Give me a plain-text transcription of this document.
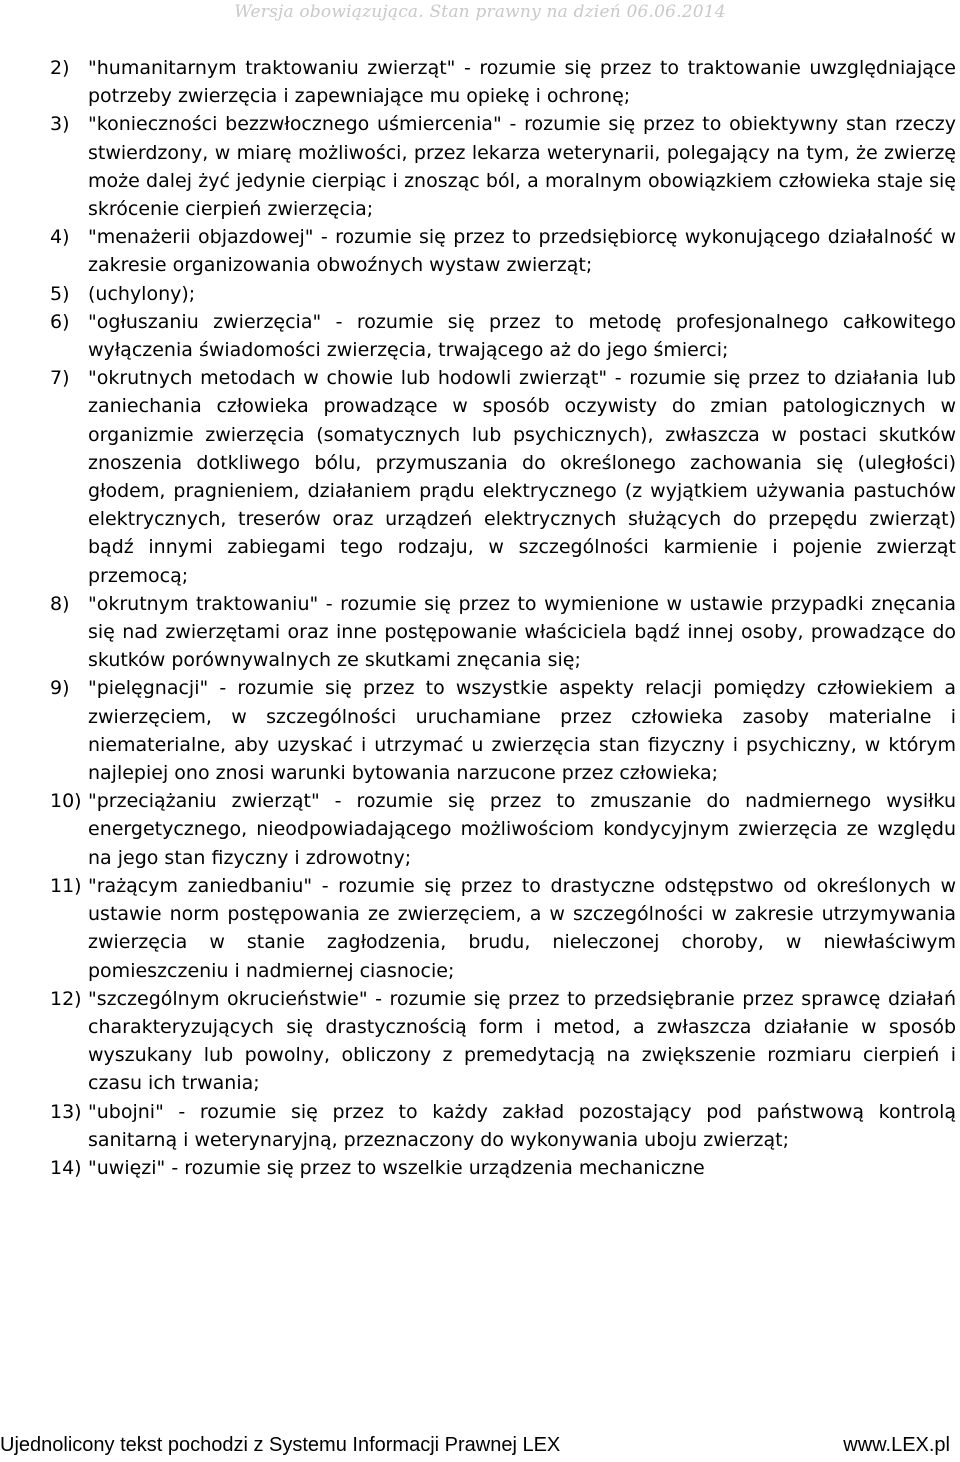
Wersja obowiązująca. Stan prawny na dzień 06.06.2014
2) "humanitarnym traktowaniu zwierząt" - rozumie się przez to traktowanie uwzględniające potrzeby zwierzęcia i zapewniające mu opiekę i ochronę;
3) "konieczności bezzwłocznego uśmiercenia" - rozumie się przez to obiektywny stan rzeczy stwierdzony, w miarę możliwości, przez lekarza weterynarii, polegający na tym, że zwierzę może dalej żyć jedynie cierpiąc i znosząc ból, a moralnym obowiązkiem człowieka staje się skrócenie cierpień zwierzęcia;
4) "menażerii objazdowej" - rozumie się przez to przedsiębiorcę wykonującego działalność w zakresie organizowania obwoźnych wystaw zwierząt;
5) (uchylony);
6) "ogłuszaniu zwierzęcia" - rozumie się przez to metodę profesjonalnego całkowitego wyłączenia świadomości zwierzęcia, trwającego aż do jego śmierci;
7) "okrutnych metodach w chowie lub hodowli zwierząt" - rozumie się przez to działania lub zaniechania człowieka prowadzące w sposób oczywisty do zmian patologicznych w organizmie zwierzęcia (somatycznych lub psychicznych), zwłaszcza w postaci skutków znoszenia dotkliwego bólu, przymuszania do określonego zachowania się (uległości) głodem, pragnieniem, działaniem prądu elektrycznego (z wyjątkiem używania pastuchów elektrycznych, treserów oraz urządzeń elektrycznych służących do przepędu zwierząt) bądź innymi zabiegami tego rodzaju, w szczególności karmienie i pojenie zwierząt przemocą;
8) "okrutnym traktowaniu" - rozumie się przez to wymienione w ustawie przypadki znęcania się nad zwierzętami oraz inne postępowanie właściciela bądź innej osoby, prowadzące do skutków porównywalnych ze skutkami znęcania się;
9) "pielęgnacji" - rozumie się przez to wszystkie aspekty relacji pomiędzy człowiekiem a zwierzęciem, w szczególności uruchamiane przez człowieka zasoby materialne i niematerialne, aby uzyskać i utrzymać u zwierzęcia stan fizyczny i psychiczny, w którym najlepiej ono znosi warunki bytowania narzucone przez człowieka;
10) "przeciążaniu zwierząt" - rozumie się przez to zmuszanie do nadmiernego wysiłku energetycznego, nieodpowiadającego możliwościom kondycyjnym zwierzęcia ze względu na jego stan fizyczny i zdrowotny;
11) "rażącym zaniedbaniu" - rozumie się przez to drastyczne odstępstwo od określonych w ustawie norm postępowania ze zwierzęciem, a w szczególności w zakresie utrzymywania zwierzęcia w stanie zagłodzenia, brudu, nieleczonej choroby, w niewłaściwym pomieszczeniu i nadmiernej ciasnocie;
12) "szczególnym okrucieństwie" - rozumie się przez to przedsiębranie przez sprawcę działań charakteryzujących się drastycznością form i metod, a zwłaszcza działanie w sposób wyszukany lub powolny, obliczony z premedytacją na zwiększenie rozmiaru cierpień i czasu ich trwania;
13) "ubojni" - rozumie się przez to każdy zakład pozostający pod państwową kontrolą sanitarną i weterynaryjną, przeznaczony do wykonywania uboju zwierząt;
14) "uwięzi" - rozumie się przez to wszelkie urządzenia mechaniczne
Ujednolicony tekst pochodzi z Systemu Informacji Prawnej LEX	www.LEX.pl
